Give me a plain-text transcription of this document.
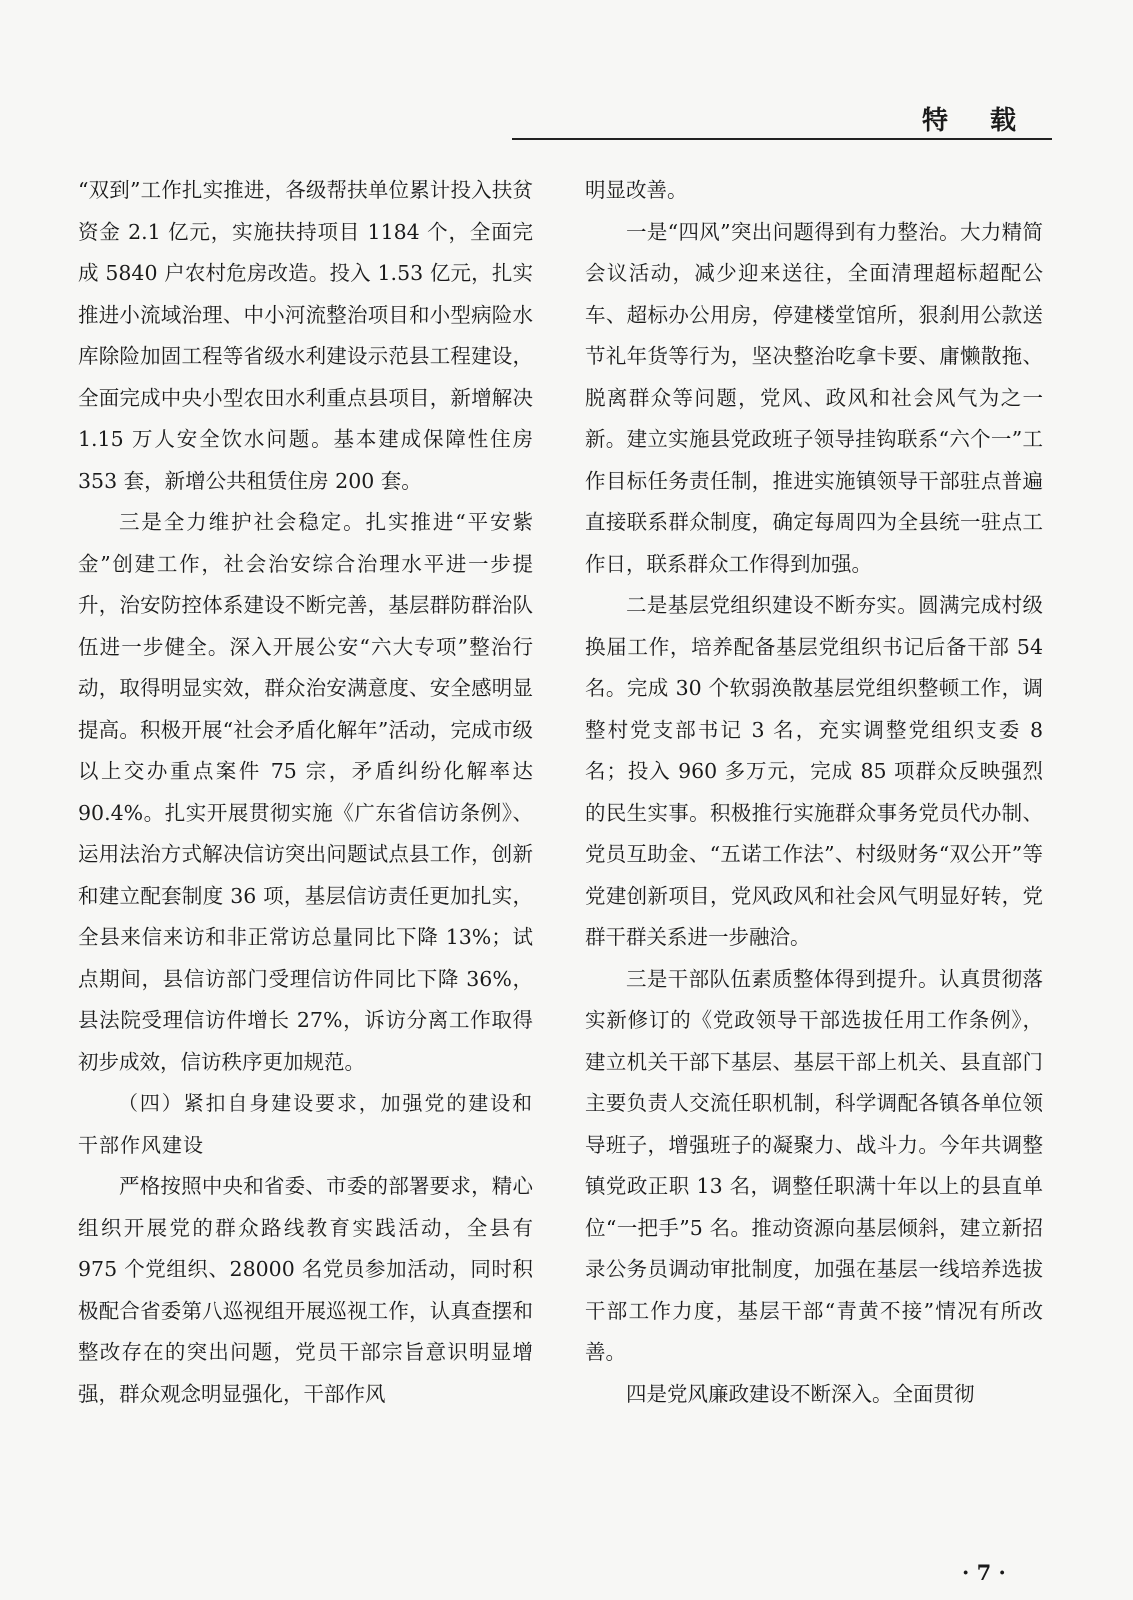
特载

“双到”工作扎实推进，各级帮扶单位累计投入扶贫资金 2.1 亿元，实施扶持项目 1184 个，全面完成 5840 户农村危房改造。投入 1.53 亿元，扎实推进小流域治理、中小河流整治项目和小型病险水库除险加固工程等省级水利建设示范县工程建设，全面完成中央小型农田水利重点县项目，新增解决 1.15 万人安全饮水问题。基本建成保障性住房 353 套，新增公共租赁住房 200 套。

三是全力维护社会稳定。扎实推进“平安紫金”创建工作，社会治安综合治理水平进一步提升，治安防控体系建设不断完善，基层群防群治队伍进一步健全。深入开展公安“六大专项”整治行动，取得明显实效，群众治安满意度、安全感明显提高。积极开展“社会矛盾化解年”活动，完成市级以上交办重点案件 75 宗，矛盾纠纷化解率达 90.4%。扎实开展贯彻实施《广东省信访条例》、运用法治方式解决信访突出问题试点县工作，创新和建立配套制度 36 项，基层信访责任更加扎实，全县来信来访和非正常访总量同比下降 13%；试点期间，县信访部门受理信访件同比下降 36%，县法院受理信访件增长 27%，诉访分离工作取得初步成效，信访秩序更加规范。

（四）紧扣自身建设要求，加强党的建设和干部作风建设

严格按照中央和省委、市委的部署要求，精心组织开展党的群众路线教育实践活动，全县有 975 个党组织、28000 名党员参加活动，同时积极配合省委第八巡视组开展巡视工作，认真查摆和整改存在的突出问题，党员干部宗旨意识明显增强，群众观念明显强化，干部作风

明显改善。

一是“四风”突出问题得到有力整治。大力精简会议活动，减少迎来送往，全面清理超标超配公车、超标办公用房，停建楼堂馆所，狠刹用公款送节礼年货等行为，坚决整治吃拿卡要、庸懒散拖、脱离群众等问题，党风、政风和社会风气为之一新。建立实施县党政班子领导挂钩联系“六个一”工作目标任务责任制，推进实施镇领导干部驻点普遍直接联系群众制度，确定每周四为全县统一驻点工作日，联系群众工作得到加强。

二是基层党组织建设不断夯实。圆满完成村级换届工作，培养配备基层党组织书记后备干部 54 名。完成 30 个软弱涣散基层党组织整顿工作，调整村党支部书记 3 名，充实调整党组织支委 8 名；投入 960 多万元，完成 85 项群众反映强烈的民生实事。积极推行实施群众事务党员代办制、党员互助金、“五诺工作法”、村级财务“双公开”等党建创新项目，党风政风和社会风气明显好转，党群干群关系进一步融洽。

三是干部队伍素质整体得到提升。认真贯彻落实新修订的《党政领导干部选拔任用工作条例》，建立机关干部下基层、基层干部上机关、县直部门主要负责人交流任职机制，科学调配各镇各单位领导班子，增强班子的凝聚力、战斗力。今年共调整镇党政正职 13 名，调整任职满十年以上的县直单位“一把手”5 名。推动资源向基层倾斜，建立新招录公务员调动审批制度，加强在基层一线培养选拔干部工作力度，基层干部“青黄不接”情况有所改善。

四是党风廉政建设不断深入。全面贯彻

· 7 ·
